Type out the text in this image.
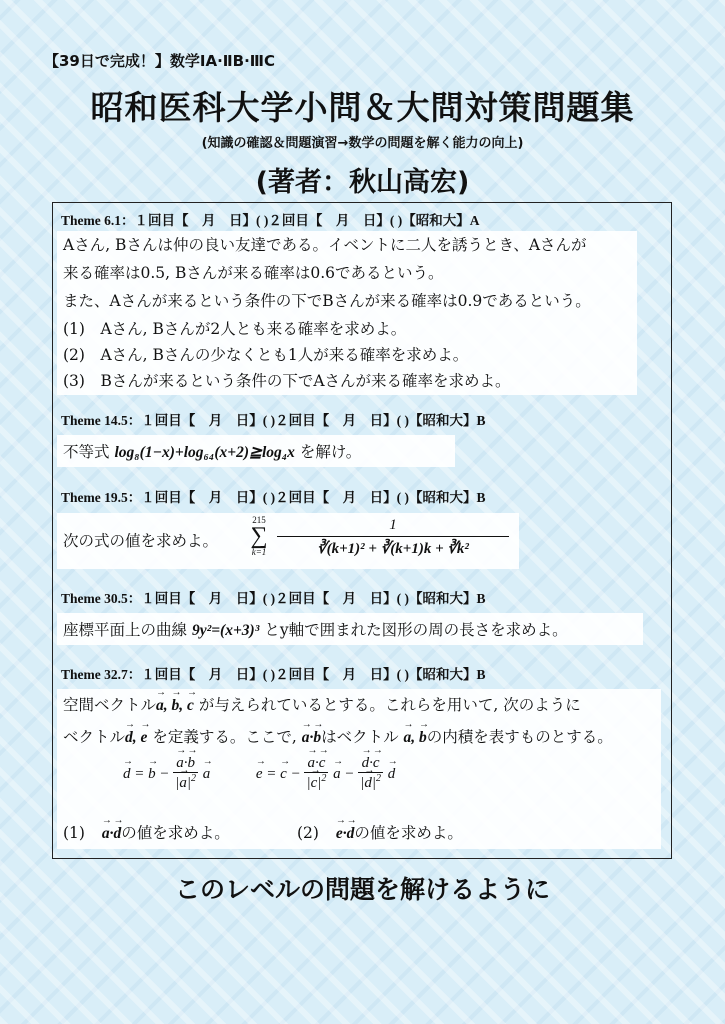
【39日で完成！】数学ⅠA·ⅡB·ⅢC
昭和医科大学小問＆大問対策問題集
(知識の確認＆問題演習→数学の問題を解く能力の向上)
(著者：秋山高宏)
Theme 6.1：１回目【　月　日】( )２回目【　月　日】( )【昭和大】A
Aさん, Bさんは仲の良い友達である。イベントに二人を誘うとき、Aさんが
来る確率は0.5, Bさんが来る確率は0.6であるという。
また、Aさんが来るという条件の下でBさんが来る確率は0.9であるという。
(1)　Aさん, Bさんが2人とも来る確率を求めよ。
(2)　Aさん, Bさんの少なくとも1人が来る確率を求めよ。
(3)　Bさんが来るという条件の下でAさんが来る確率を求めよ。
Theme 14.5：１回目【　月　日】( )２回目【　月　日】( )【昭和大】B
不等式 log₈(1−x)+log₆₄(x+2)≧log₄x を解け。
Theme 19.5：１回目【　月　日】( )２回目【　月　日】( )【昭和大】B
次の式の値を求めよ。
215
∑
$k=1 \frac{1}{\text{∛(k+1)² + ∛(k+1)k + ∛k²}}$
Theme 30.5：１回目【　月　日】( )２回目【　月　日】( )【昭和大】B
座標平面上の曲線 9y²=(x+3)³ とy軸で囲まれた図形の周の長さを求めよ。
Theme 32.7：１回目【　月　日】( )２回目【　月　日】( )【昭和大】B
空間ベクトル→ a, → b, → c が与えられているとする。これらを用いて, 次のように
ベクトル→ d, → e を定義する。ここで, → a·→ bはベクトル → a, → bの内積を表すものとする。
→ d = → b −
→ $\frac{a\cdot\to b}{|\to a|^2}$
→ a  →	e = → c −
→ $\frac{a\cdot\to c}{|\to c|^2}$
→ a −
→ $\frac{d\cdot\to c}{|\to d|^2}$
→ d
(1) → a·→ dの値を求めよ。	(2) → e·→ dの値を求めよ。
このレベルの問題を解けるように
